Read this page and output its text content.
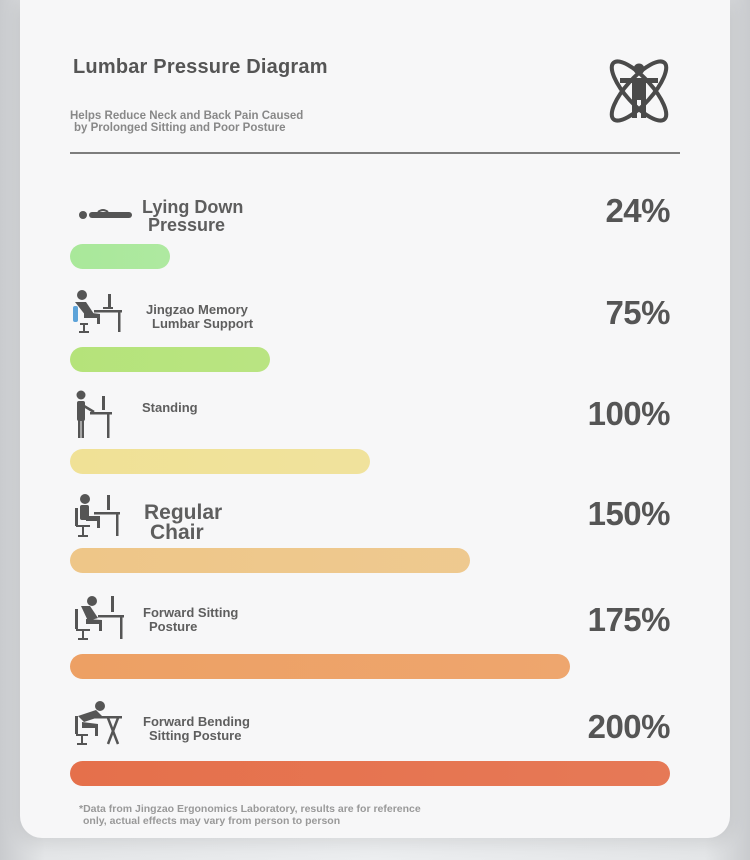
Lumbar Pressure Diagram
Helps Reduce Neck and Back Pain Caused
by Prolonged Sitting and Poor Posture
Lying Down
Pressure
Jingzao Memory
Lumbar Support
Standing
Regular
Chair
Forward Sitting
Posture
Forward Bending
Sitting Posture
24%
75%
100%
150%
175%
200%
*Data from Jingzao Ergonomics Laboratory, results are for reference
only, actual effects may vary from person to person
